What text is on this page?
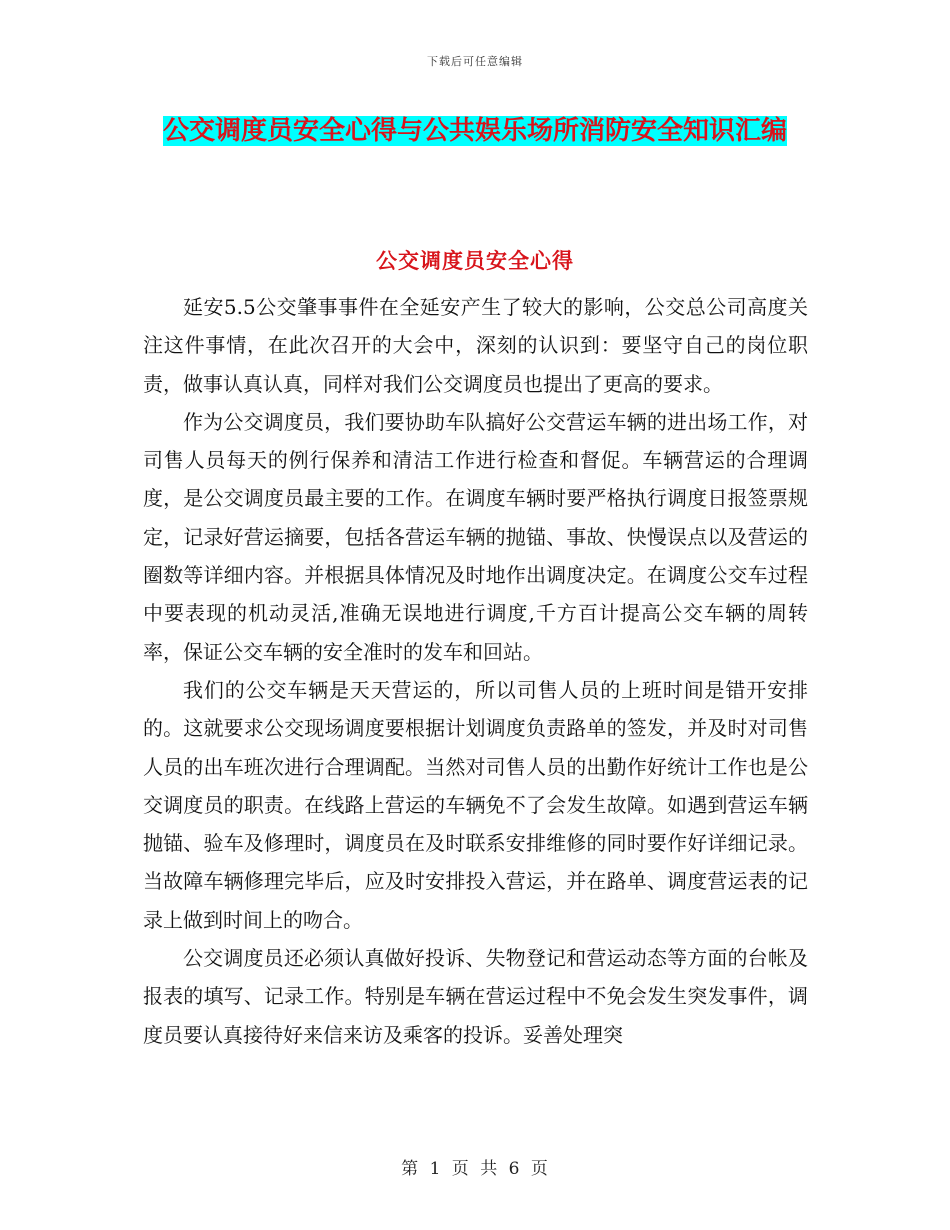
下载后可任意编辑
公交调度员安全心得与公共娱乐场所消防安全知识汇编
公交调度员安全心得

延安5.5公交肇事事件在全延安产生了较大的影响，公交总公司高度关注这件事情，在此次召开的大会中，深刻的认识到：要坚守自己的岗位职责，做事认真认真，同样对我们公交调度员也提出了更高的要求。

作为公交调度员，我们要协助车队搞好公交营运车辆的进出场工作，对司售人员每天的例行保养和清洁工作进行检查和督促。车辆营运的合理调度，是公交调度员最主要的工作。在调度车辆时要严格执行调度日报签票规定，记录好营运摘要，包括各营运车辆的抛锚、事故、快慢误点以及营运的圈数等详细内容。并根据具体情况及时地作出调度决定。在调度公交车过程中要表现的机动灵活,准确无误地进行调度,千方百计提高公交车辆的周转率，保证公交车辆的安全准时的发车和回站。

我们的公交车辆是天天营运的，所以司售人员的上班时间是错开安排的。这就要求公交现场调度要根据计划调度负责路单的签发，并及时对司售人员的出车班次进行合理调配。当然对司售人员的出勤作好统计工作也是公交调度员的职责。在线路上营运的车辆免不了会发生故障。如遇到营运车辆抛锚、验车及修理时，调度员在及时联系安排维修的同时要作好详细记录。当故障车辆修理完毕后，应及时安排投入营运，并在路单、调度营运表的记录上做到时间上的吻合。

公交调度员还必须认真做好投诉、失物登记和营运动态等方面的台帐及报表的填写、记录工作。特别是车辆在营运过程中不免会发生突发事件，调度员要认真接待好来信来访及乘客的投诉。妥善处理突

第 1 页 共 6 页
